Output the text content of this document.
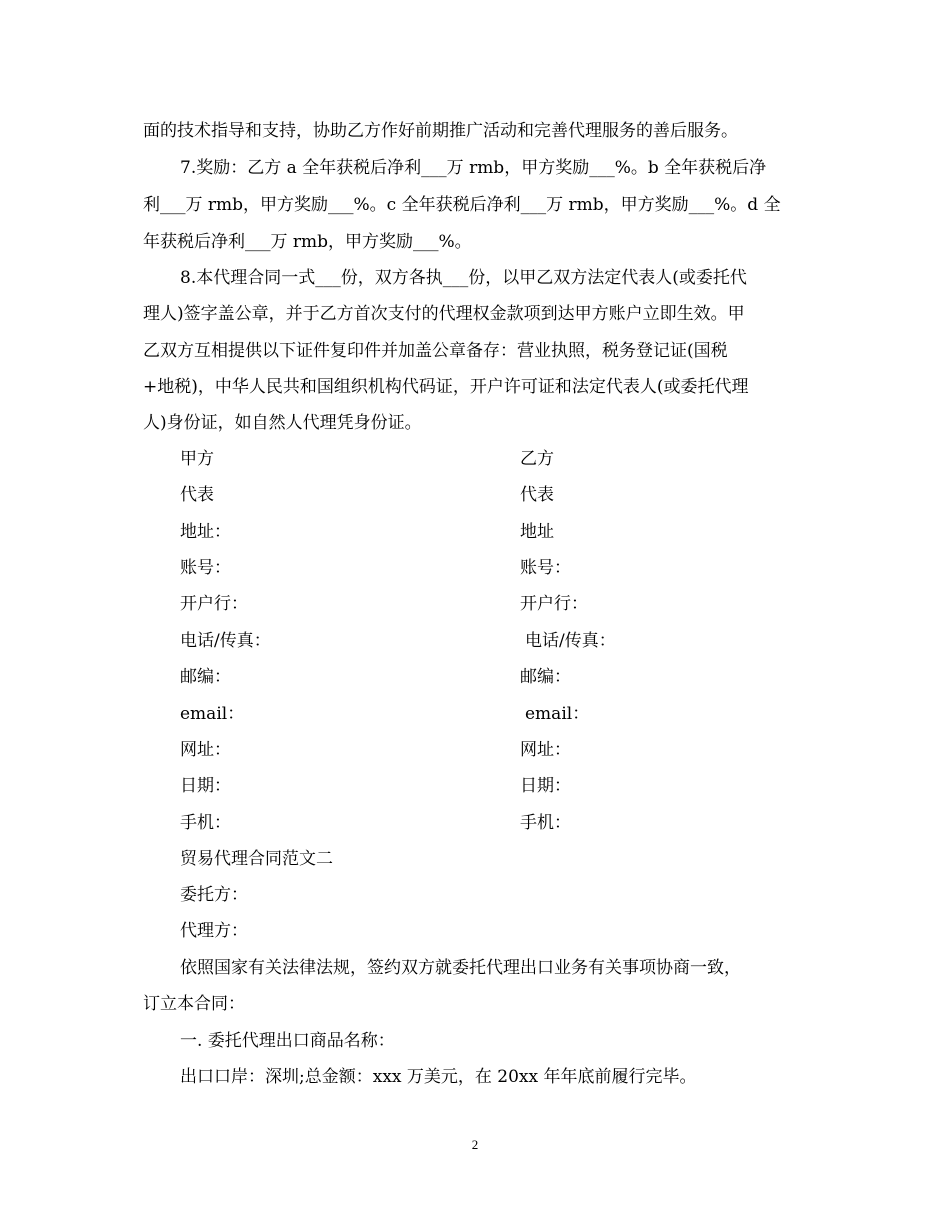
面的技术指导和支持，协助乙方作好前期推广活动和完善代理服务的善后服务。
7.奖励：乙方 a 全年获税后净利___万 rmb，甲方奖励___%。b 全年获税后净
利___万 rmb，甲方奖励___%。c 全年获税后净利___万 rmb，甲方奖励___%。d 全
年获税后净利___万 rmb，甲方奖励___%。
8.本代理合同一式___份，双方各执___份，以甲乙双方法定代表人(或委托代
理人)签字盖公章，并于乙方首次支付的代理权金款项到达甲方账户立即生效。甲
乙双方互相提供以下证件复印件并加盖公章备存：营业执照，税务登记证(国税
+地税)，中华人民共和国组织机构代码证，开户许可证和法定代表人(或委托代理
人)身份证，如自然人代理凭身份证。
甲方	乙方
代表	代表
地址：	地址
账号：	账号：
开户行：	开户行：
电话/传真：	电话/传真：
邮编：	邮编：
email：	email：
网址：	网址：
日期：	日期：
手机：	手机：
贸易代理合同范文二
委托方：
代理方：
依照国家有关法律法规，签约双方就委托代理出口业务有关事项协商一致，
订立本合同：
一. 委托代理出口商品名称：
出口口岸：深圳;总金额：xxx 万美元，在 20xx 年年底前履行完毕。
2
